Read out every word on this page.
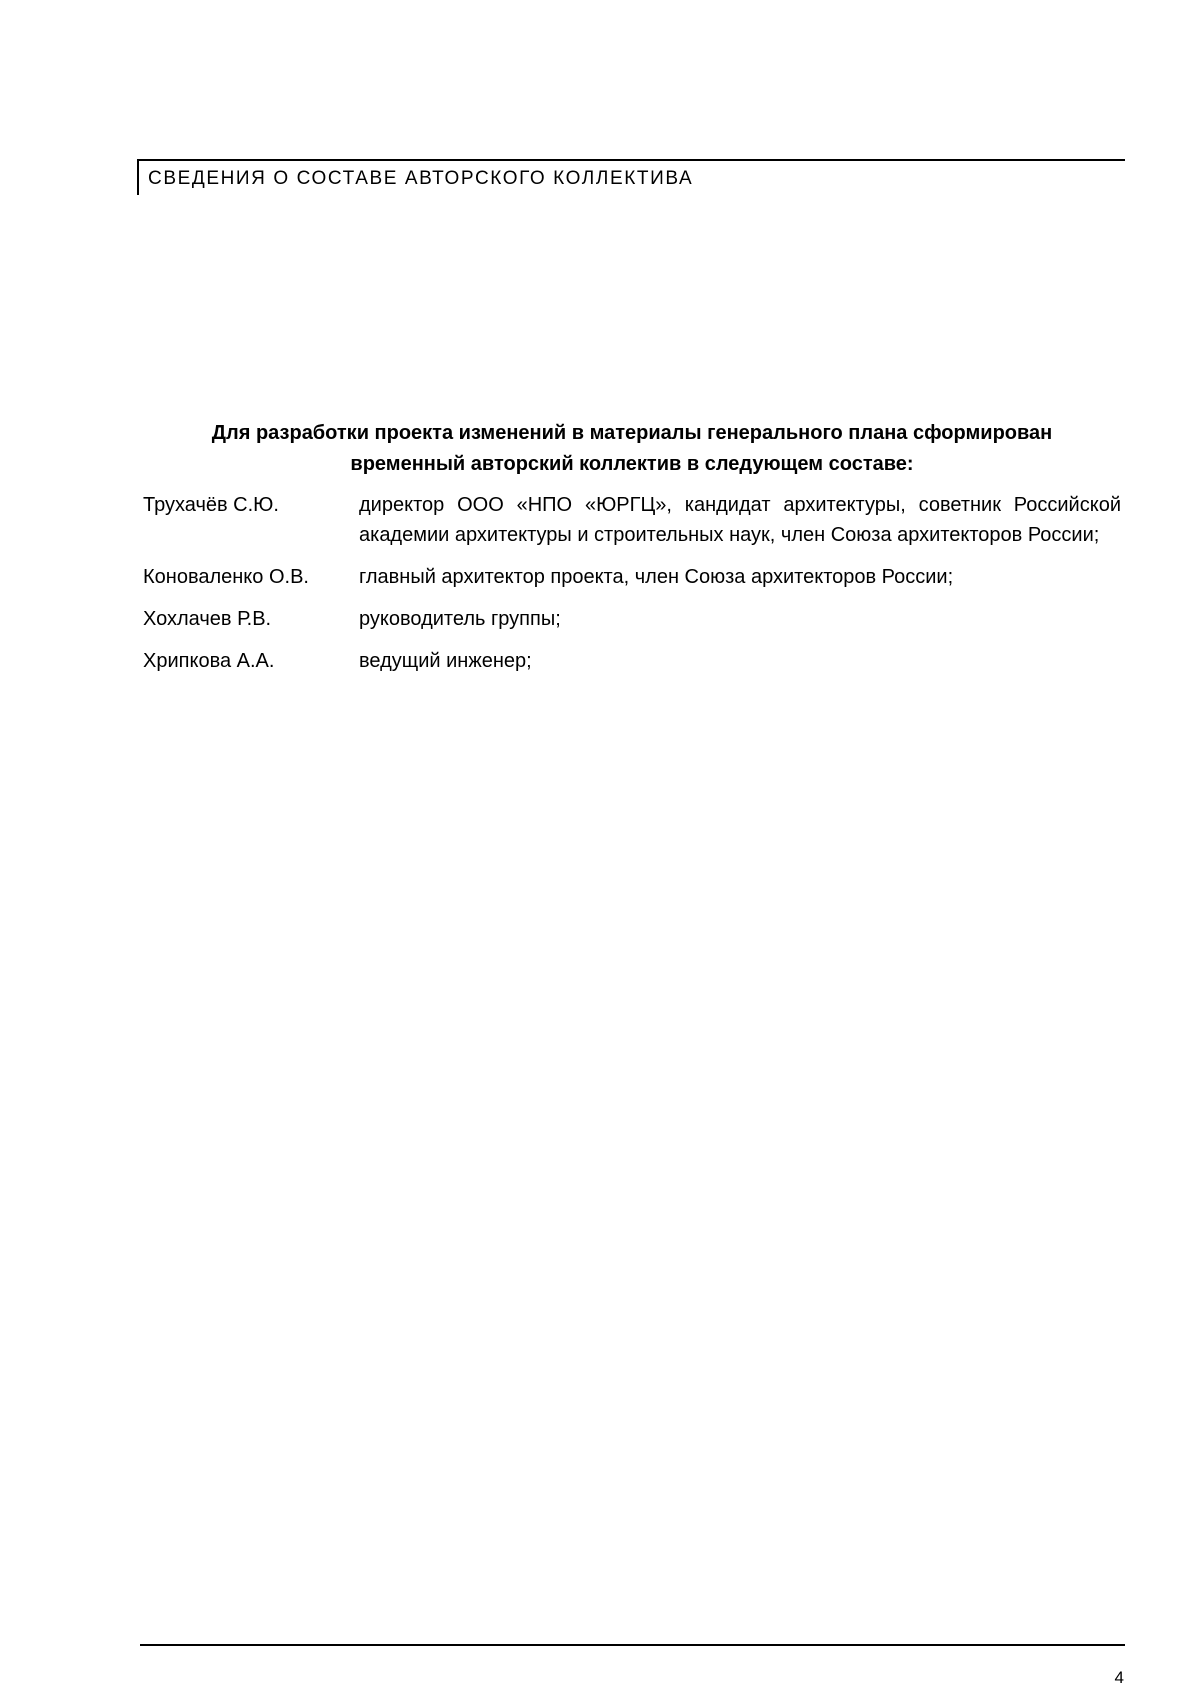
СВЕДЕНИЯ О СОСТАВЕ АВТОРСКОГО КОЛЛЕКТИВА
Для разработки проекта изменений в материалы генерального плана сформирован
временный авторский коллектив в следующем составе:
Трухачёв С.Ю.	директор ООО «НПО «ЮРГЦ», кандидат архитектуры, советник Российской академии архитектуры и строительных наук, член Союза архитекторов России;
Коноваленко О.В.	главный архитектор проекта, член Союза архитекторов России;
Хохлачев Р.В.	руководитель группы;
Хрипкова А.А.	ведущий инженер;
4
